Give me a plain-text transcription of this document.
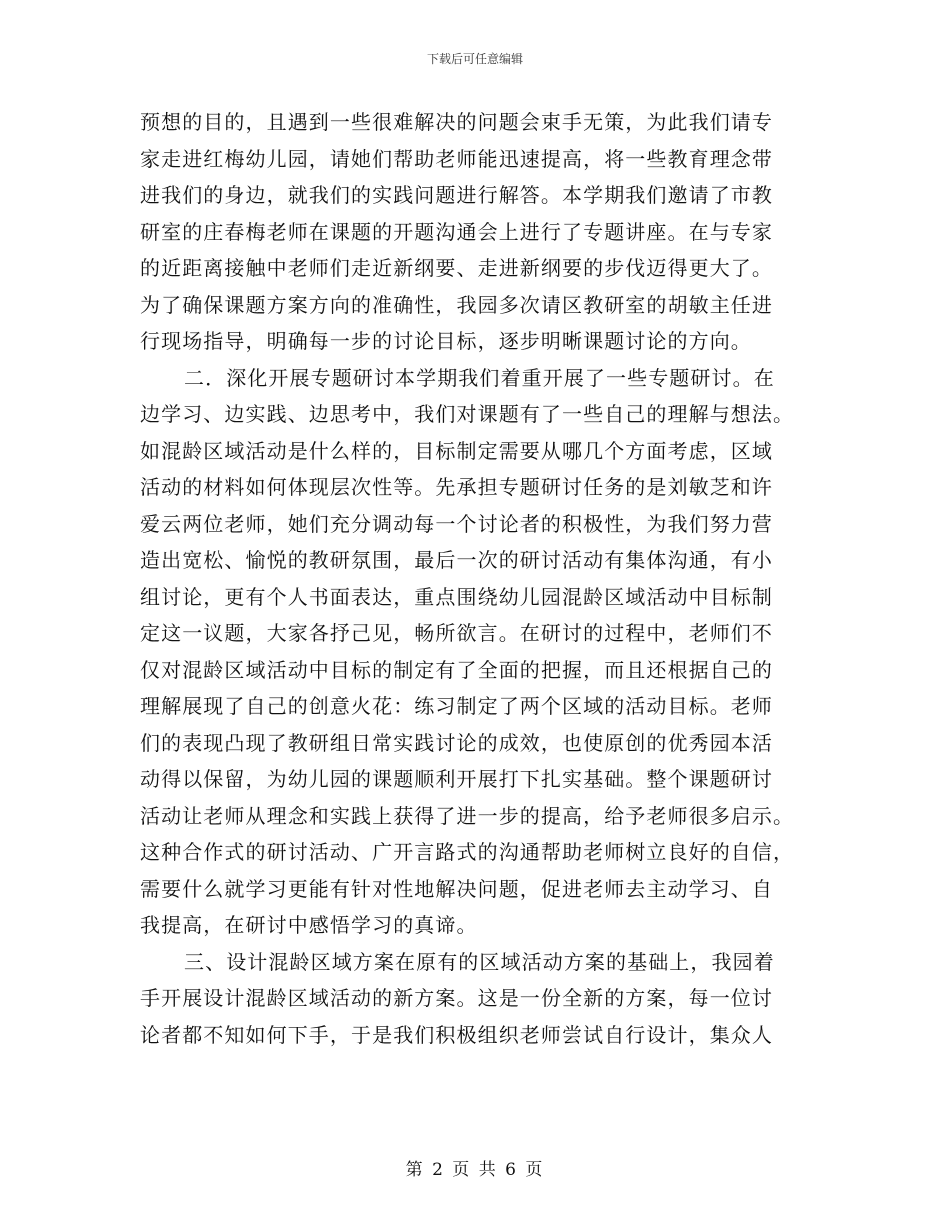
下载后可任意编辑
预想的目的，且遇到一些很难解决的问题会束手无策，为此我们请专
家走进红梅幼儿园，请她们帮助老师能迅速提高，将一些教育理念带
进我们的身边，就我们的实践问题进行解答。本学期我们邀请了市教
研室的庄春梅老师在课题的开题沟通会上进行了专题讲座。在与专家
的近距离接触中老师们走近新纲要、走进新纲要的步伐迈得更大了。
为了确保课题方案方向的准确性，我园多次请区教研室的胡敏主任进
行现场指导，明确每一步的讨论目标，逐步明晰课题讨论的方向。
二．深化开展专题研讨本学期我们着重开展了一些专题研讨。在
边学习、边实践、边思考中，我们对课题有了一些自己的理解与想法。
如混龄区域活动是什么样的，目标制定需要从哪几个方面考虑，区域
活动的材料如何体现层次性等。先承担专题研讨任务的是刘敏芝和许
爱云两位老师，她们充分调动每一个讨论者的积极性，为我们努力营
造出宽松、愉悦的教研氛围，最后一次的研讨活动有集体沟通，有小
组讨论，更有个人书面表达，重点围绕幼儿园混龄区域活动中目标制
定这一议题，大家各抒己见，畅所欲言。在研讨的过程中，老师们不
仅对混龄区域活动中目标的制定有了全面的把握，而且还根据自己的
理解展现了自己的创意火花：练习制定了两个区域的活动目标。老师
们的表现凸现了教研组日常实践讨论的成效，也使原创的优秀园本活
动得以保留，为幼儿园的课题顺利开展打下扎实基础。整个课题研讨
活动让老师从理念和实践上获得了进一步的提高，给予老师很多启示。
这种合作式的研讨活动、广开言路式的沟通帮助老师树立良好的自信，
需要什么就学习更能有针对性地解决问题，促进老师去主动学习、自
我提高，在研讨中感悟学习的真谛。
三、设计混龄区域方案在原有的区域活动方案的基础上，我园着
手开展设计混龄区域活动的新方案。这是一份全新的方案，每一位讨
论者都不知如何下手，于是我们积极组织老师尝试自行设计，集众人
第 2 页 共 6 页
